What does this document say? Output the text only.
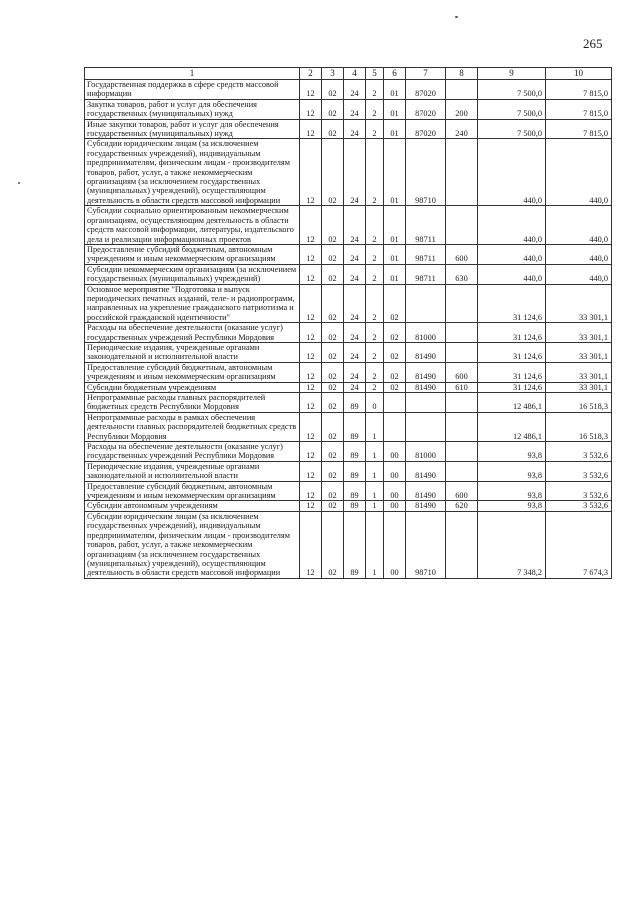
265
1	2	3	4	5	6	7	8	9	10
Государственная поддержка в сфере средств массовой информации	12	02	24	2	01	87020		7 500,0	7 815,0
Закупка товаров, работ и услуг для обеспечения государственных (муниципальных) нужд	12	02	24	2	01	87020	200	7 500,0	7 815,0
Иные закупки товаров, работ и услуг для обеспечения государственных (муниципальных) нужд	12	02	24	2	01	87020	240	7 500,0	7 815,0
Субсидии юридическим лицам (за исключением государственных учреждений), индивидуальным предпринимателям, физическим лицам - производителям товаров, работ, услуг, а также некоммерческим организациям (за исключением государственных (муниципальных) учреждений), осуществляющим деятельность в области средств массовой информации	12	02	24	2	01	98710		440,0	440,0
Субсидии социально ориентированным некоммерческим организациям, осуществляющим деятельность в области средств массовой информации, литературы, издательского дела и реализации информационных проектов	12	02	24	2	01	98711		440,0	440,0
Предоставление субсидий бюджетным, автономным учреждениям и иным некоммерческим организациям	12	02	24	2	01	98711	600	440,0	440,0
Субсидии некоммерческим организациям (за исключением государственных (муниципальных) учреждений)	12	02	24	2	01	98711	630	440,0	440,0
Основное мероприятие "Подготовка и выпуск периодических печатных изданий, теле- и радиопрограмм, направленных на укрепление гражданского патриотизма и российской гражданской идентичности"	12	02	24	2	02			31 124,6	33 301,1
Расходы на обеспечение деятельности (оказание услуг) государственных учреждений Республики Мордовия	12	02	24	2	02	81000		31 124,6	33 301,1
Периодические издания, учрежденные органами законодательной и исполнительной власти	12	02	24	2	02	81490		31 124,6	33 301,1
Предоставление субсидий бюджетным, автономным учреждениям и иным некоммерческим организациям	12	02	24	2	02	81490	600	31 124,6	33 301,1
Субсидии бюджетным учреждениям	12	02	24	2	02	81490	610	31 124,6	33 301,1
Непрограммные расходы главных распорядителей бюджетных средств Республики Мордовия	12	02	89	0				12 486,1	16 518,3
Непрограммные расходы в рамках обеспечения деятельности главных распорядителей бюджетных средств Республики Мордовия	12	02	89	1				12 486,1	16 518,3
Расходы на обеспечение деятельности (оказание услуг) государственных учреждений Республики Мордовия	12	02	89	1	00	81000		93,8	3 532,6
Периодические издания, учрежденные органами законодательной и исполнительной власти	12	02	89	1	00	81490		93,8	3 532,6
Предоставление субсидий бюджетным, автономным учреждениям и иным некоммерческим организациям	12	02	89	1	00	81490	600	93,8	3 532,6
Субсидии автономным учреждениям	12	02	89	1	00	81490	620	93,8	3 532,6
Субсидии юридическим лицам (за исключением государственных учреждений), индивидуальным предпринимателям, физическим лицам - производителям товаров, работ, услуг, а также некоммерческим организациям (за исключением государственных (муниципальных) учреждений), осуществляющим деятельность в области средств массовой информации	12	02	89	1	00	98710		7 348,2	7 674,3
